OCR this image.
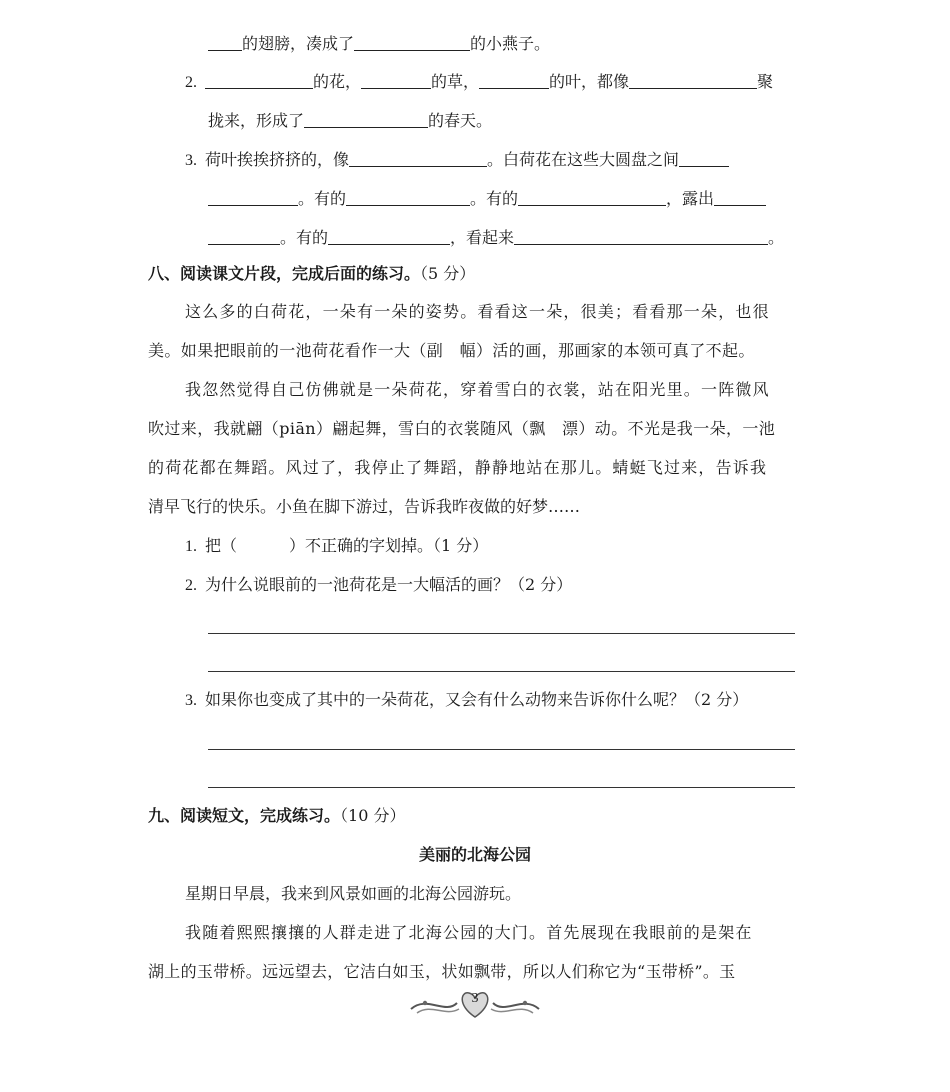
的翅膀，凑成了	的小燕子。
2.	的花，	的草，	的叶，都像	聚
拢来，形成了	的春天。
3. 荷叶挨挨挤挤的，像	。白荷花在这些大圆盘之间
。有的	。有的	，露出
。有的	，看起来	。
八、阅读课文片段，完成后面的练习。（5 分）
这么多的白荷花，一朵有一朵的姿势。看看这一朵，很美；看看那一朵，也很
美。如果把眼前的一池荷花看作一大（副　幅）活的画，那画家的本领可真了不起。
我忽然觉得自己仿佛就是一朵荷花，穿着雪白的衣裳，站在阳光里。一阵微风
吹过来，我就翩（piān）翩起舞，雪白的衣裳随风（飘　漂）动。不光是我一朵，一池
的荷花都在舞蹈。风过了，我停止了舞蹈，静静地站在那儿。蜻蜓飞过来，告诉我
清早飞行的快乐。小鱼在脚下游过，告诉我昨夜做的好梦……
1. 把（	）不正确的字划掉。（1 分）
2. 为什么说眼前的一池荷花是一大幅活的画？（2 分）
3. 如果你也变成了其中的一朵荷花，又会有什么动物来告诉你什么呢？（2 分）
九、阅读短文，完成练习。（10 分）
美丽的北海公园
星期日早晨，我来到风景如画的北海公园游玩。
我随着熙熙攘攘的人群走进了北海公园的大门。首先展现在我眼前的是架在
湖上的玉带桥。远远望去，它洁白如玉，状如飘带，所以人们称它为“玉带桥”。玉
3
